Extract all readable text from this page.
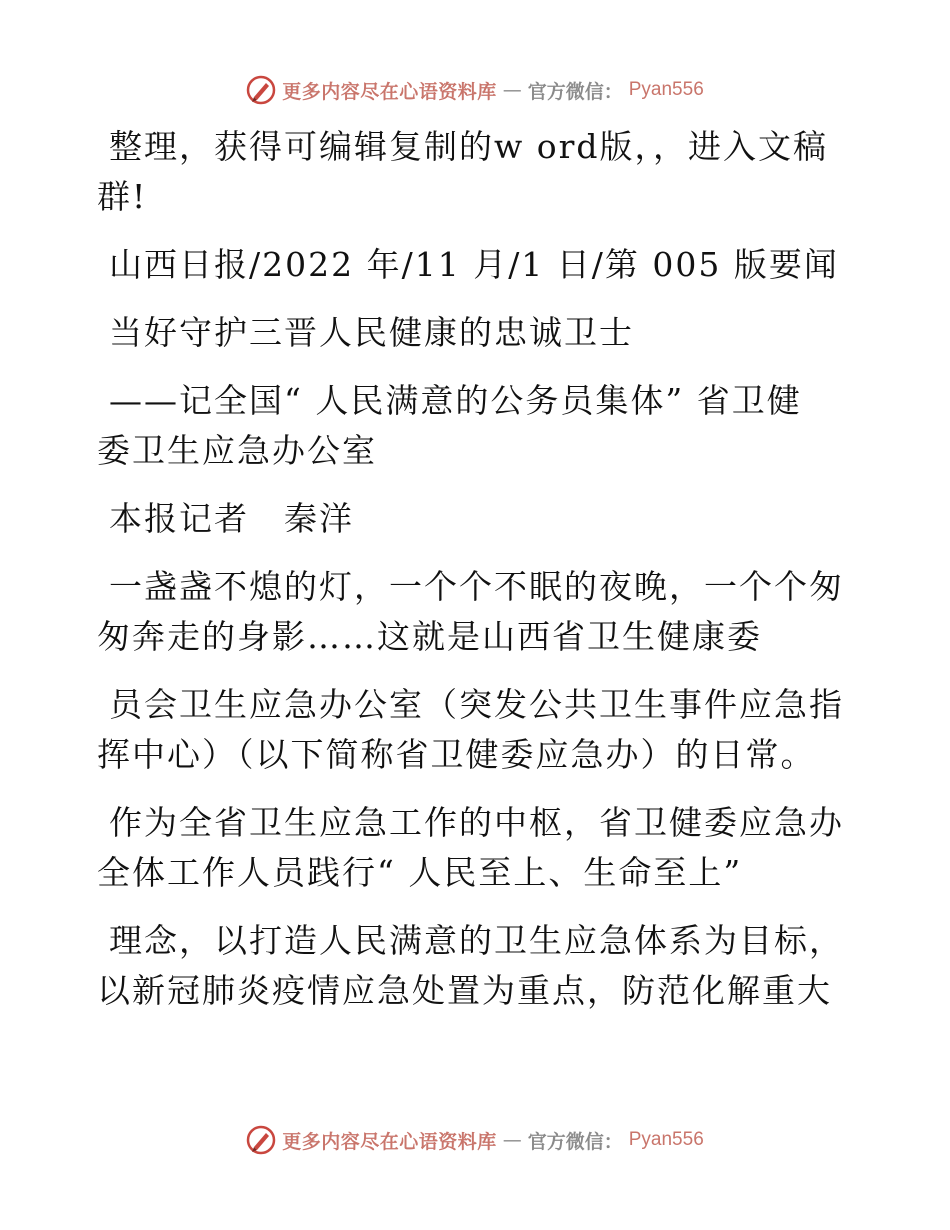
更多内容尽在心语资料库 — 官方微信： Pyan556
整理，获得可编辑复制的w ord版，，进入文稿
群!
山西日报/2022 年/11 月/1 日/第 005 版要闻
当好守护三晋人民健康的忠诚卫士
——记全国“ 人民满意的公务员集体” 省卫健
委卫生应急办公室
本报记者　秦洋
一盏盏不熄的灯，一个个不眠的夜晚，一个个匆
匆奔走的身影……这就是山西省卫生健康委
员会卫生应急办公室（突发公共卫生事件应急指
挥中心）（以下简称省卫健委应急办）的日常。
作为全省卫生应急工作的中枢，省卫健委应急办
全体工作人员践行“ 人民至上、生命至上”
理念，以打造人民满意的卫生应急体系为目标，
以新冠肺炎疫情应急处置为重点，防范化解重大
更多内容尽在心语资料库 — 官方微信： Pyan556
